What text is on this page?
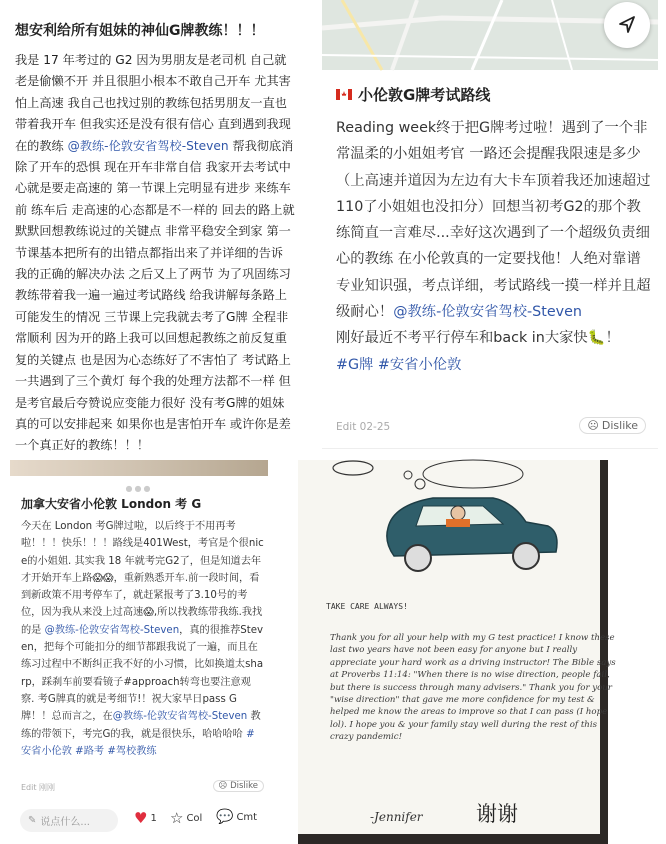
想安利给所有姐妹的神仙G牌教练！！！
我是 17 年考过的 G2 因为男朋友是老司机 自己就老是偷懒不开 并且很胆小根本不敢自己开车 尤其害怕上高速 我自己也找过别的教练包括男朋友一直也带着我开车 但我实还是没有很有信心 直到遇到我现在的教练 @教练-伦敦安省驾校-Steven 帮我彻底消除了开车的恐惧 现在开车非常自信 我家开去考试中心就是要走高速的 第一节课上完明显有进步 来练车前 练车后 走高速的心态都是不一样的 回去的路上就默默回想教练说过的关键点 非常平稳安全到家 第一节课基本把所有的出错点都指出来了并详细的告诉我的正确的解决办法 之后又上了两节 为了巩固练习 教练带着我一遍一遍过考试路线 给我讲解每条路上可能发生的情况 三节课上完我就去考了G牌 全程非常顺利 因为开的路上我可以回想起教练之前反复重复的关键点 也是因为心态练好了不害怕了 考试路上一共遇到了三个黄灯 每个我的处理方法都不一样 但是考官最后夸赞说应变能力很好 没有考G牌的姐妹 真的可以安排起来 如果你也是害怕开车 或许你是差一个真正好的教练！！！
小伦敦G牌考试路线
Reading week终于把G牌考过啦！遇到了一个非常温柔的小姐姐考官 一路还会提醒我限速是多少（上高速并道因为左边有大卡车顶着我还加速超过110了小姐姐也没扣分）回想当初考G2的那个教练简直一言难尽...幸好这次遇到了一个超级负责细心的教练 在小伦敦真的一定要找他！人绝对靠谱专业知识强，考点详细，考试路线一摸一样并且超级耐心！@教练-伦敦安省驾校-Steven
刚好最近不考平行停车和back in大家快🐛！
#G牌 #安省小伦敦
Edit 02-25	☹ Dislike
●●●
加拿大安省小伦敦 London 考 G
今天在 London 考G牌过啦，以后终于不用再考啦！！！快乐！！！路线是401West，考官是个很nice的小姐姐. 其实我 18 年就考完G2了，但是知道去年才开始开车上路😱😱，重新熟悉开车.前一段时间，看到新政策不用考停车了，就赶紧报考了3.10号的考位，因为我从来没上过高速😱,所以找教练带我练.我找的是 @教练-伦敦安省驾校-Steven，真的很推荐Steven，把每个可能扣分的细节都跟我说了一遍，而且在练习过程中不断纠正我不好的小习惯，比如换道太sharp，踩刹车前要看镜子#approach转弯也要注意观察. 考G牌真的就是考细节!！祝大家早日pass G牌！！总而言之，在@教练-伦敦安省驾校-Steven 教练的带领下，考完G的我，就是很快乐，哈哈哈哈 #安省小伦敦 #路考 #驾校教练
Edit 刚刚	☹ Dislike
✎ 说点什么...	♥ 1 ☆ Col 💬 Cmt
TAKE CARE ALWAYS!
Thank you for all your help with my G test practice! I know these last two years have not been easy for anyone but I really appreciate your hard work as a driving instructor! The Bible says at Proverbs 11:14: "When there is no wise direction, people fail, but there is success through many advisers." Thank you for your "wise direction" that gave me more confidence for my test & helped me know the areas to improve so that I can pass (I hope lol). I hope you & your family stay well during the rest of this crazy pandemic!
-Jennifer	谢谢
